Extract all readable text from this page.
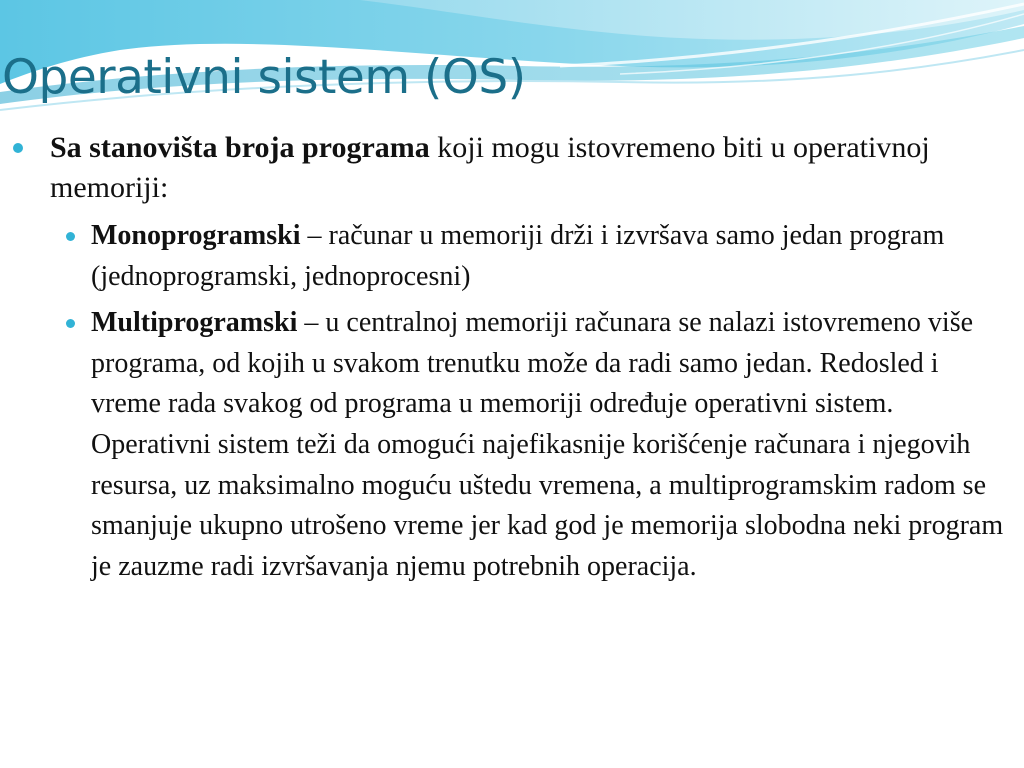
Operativni sistem (OS)
Sa stanovišta broja programa koji mogu istovremeno biti u operativnoj memoriji:
Monoprogramski – računar u memoriji drži i izvršava samo jedan program (jednoprogramski, jednoprocesni)
Multiprogramski – u centralnoj memoriji računara se nalazi istovremeno više programa, od kojih u svakom trenutku može da radi samo jedan. Redosled i vreme rada svakog od programa u memoriji određuje operativni sistem. Operativni sistem teži da omogući najefikasnije korišćenje računara i njegovih resursa, uz maksimalno moguću uštedu vremena, a multiprogramskim radom se smanjuje ukupno utrošeno vreme jer kad god je memorija slobodna neki program je zauzme radi izvršavanja njemu potrebnih operacija.
